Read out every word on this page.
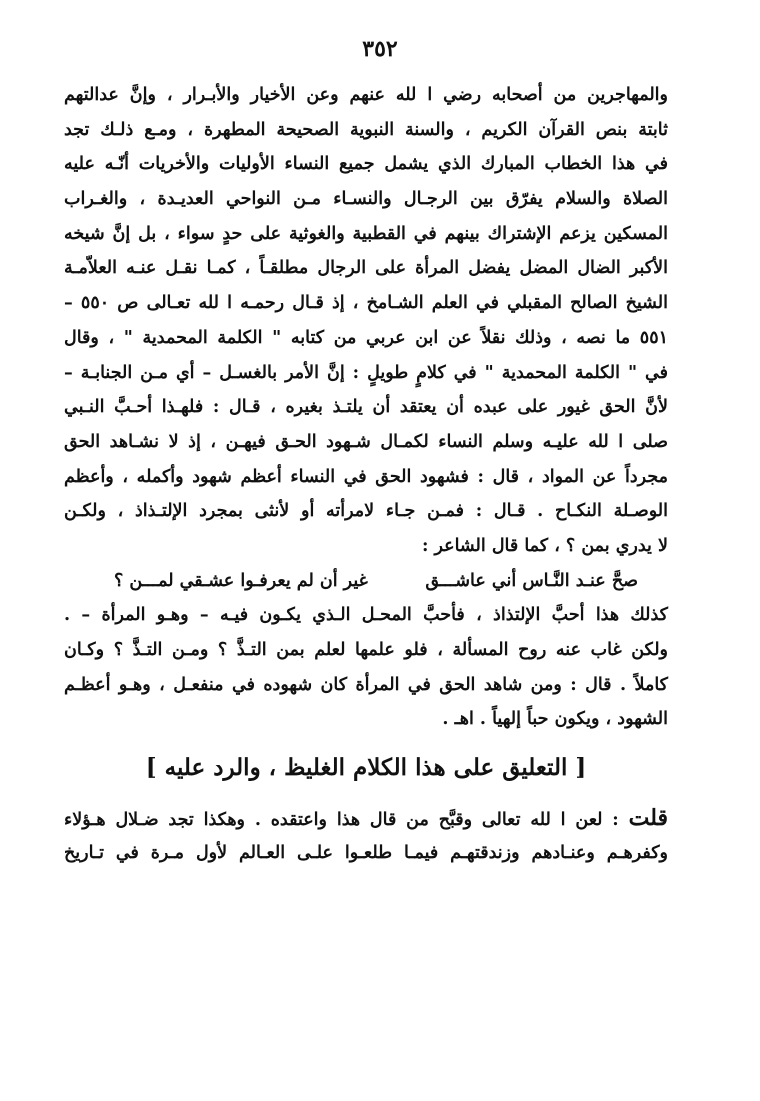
٣٥٢
والمهاجرين من أصحابه رضي ا لله عنهم وعن الأخيار والأبـرار ، وإنَّ عدالتهم
ثابتة بنص القرآن الكريم ، والسنة النبوية الصحيحة المطهرة ، ومـع ذلـك تجد
في هذا الخطاب المبارك الذي يشمل جميع النساء الأوليات والأخريات أنّـه عليه
الصلاة والسلام يفرّق بين الرجـال والنسـاء مـن النواحي العديـدة ، والغـراب
المسكين يزعم الإشتراك بينهم في القطبية والغوثية على حدٍ سواء ، بل إنَّ شيخه
الأكبر الضال المضل يفضل المرأة على الرجال مطلقـاً ، كمـا نقـل عنـه العلاّمـة
الشيخ الصالح المقبلي في العلم الشـامخ ، إذ قـال رحمـه ا لله تعـالى ص ٥٥٠ –
٥٥١ ما نصه ، وذلك نقلاً عن ابن عربي من كتابه " الكلمة المحمدية " ، وقال
في " الكلمة المحمدية " في كلامٍ طويلٍ : إنَّ الأمر بالغسـل – أي مـن الجنابـة –
لأنَّ الحق غيور على عبده أن يعتقد أن يلتـذ بغيره ، قـال : فلهـذا أحـبَّ النـبي
صلى ا لله عليـه وسلم النساء لكمـال شـهود الحـق فيهـن ، إذ لا نشـاهد الحق
مجرداً عن المواد ، قال : فشهود الحق في النساء أعظم شهود وأكمله ، وأعظم
الوصـلة النكـاح . قـال : فمـن جـاء لامرأته أو لأنثى بمجرد الإلتـذاذ ، ولكـن
لا يدري بمن ؟ ، كما قال الشاعر :
صحَّ عنـد النَّـاس أني عاشـــق
غير أن لم يعرفـوا عشـقي لمـــن ؟
كذلك هذا أحبَّ الإلتذاذ ، فأحبَّ المحـل الـذي يكـون فيـه – وهـو المرأة – .
ولكن غاب عنه روح المسألة ، فلو علمها لعلم بمن التـذَّ ؟ ومـن التـذَّ ؟ وكـان
كاملاً . قال : ومن شاهد الحق في المرأة كان شهوده في منفعـل ، وهـو أعظـم
الشهود ، ويكون حباً إلهياً . اهـ .
[ التعليق على هذا الكلام الغليظ ، والرد عليه ]
قلت : لعن ا لله تعالى وقبَّح من قال هذا واعتقده . وهكذا تجد ضـلال هـؤلاء
وكفرهـم وعنـادهم وزندقتهـم فيمـا طلعـوا علـى العـالم لأول مـرة في تـاريخ
